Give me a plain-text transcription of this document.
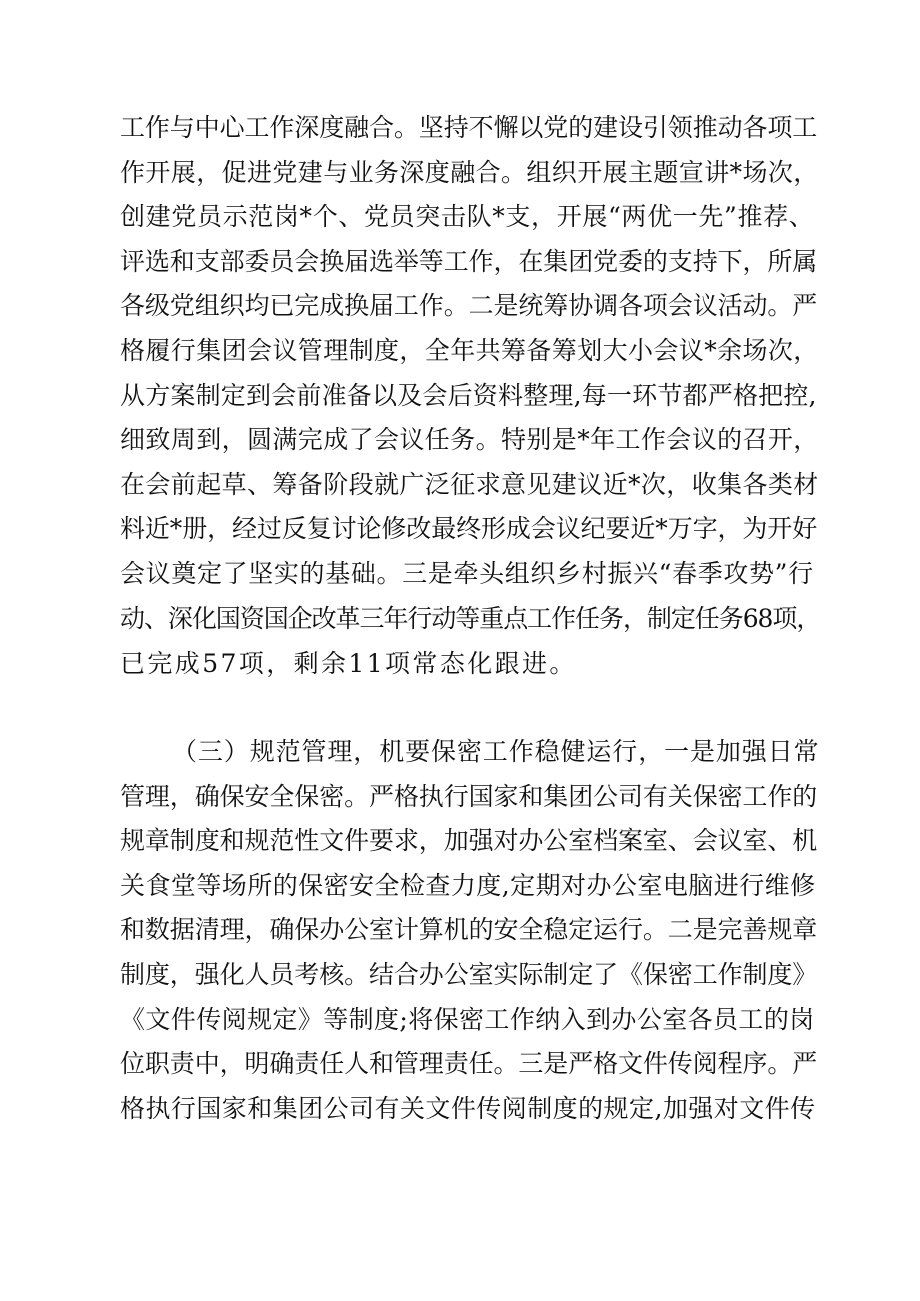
工作与中心工作深度融合。坚持不懈以党的建设引领推动各项工
作开展，促进党建与业务深度融合。组织开展主题宣讲*场次，
创建党员示范岗*个、党员突击队*支，开展“两优一先”推荐、
评选和支部委员会换届选举等工作，在集团党委的支持下，所属
各级党组织均已完成换届工作。二是统筹协调各项会议活动。严
格履行集团会议管理制度，全年共筹备筹划大小会议*余场次，
从方案制定到会前准备以及会后资料整理,每一环节都严格把控,
细致周到，圆满完成了会议任务。特别是*年工作会议的召开，
在会前起草、筹备阶段就广泛征求意见建议近*次，收集各类材
料近*册，经过反复讨论修改最终形成会议纪要近*万字，为开好
会议奠定了坚实的基础。三是牵头组织乡村振兴“春季攻势”行
动、深化国资国企改革三年行动等重点工作任务，制定任务68项，
已完成57项，剩余11项常态化跟进。
（三）规范管理，机要保密工作稳健运行，一是加强日常
管理，确保安全保密。严格执行国家和集团公司有关保密工作的
规章制度和规范性文件要求，加强对办公室档案室、会议室、机
关食堂等场所的保密安全检查力度,定期对办公室电脑进行维修
和数据清理，确保办公室计算机的安全稳定运行。二是完善规章
制度，强化人员考核。结合办公室实际制定了《保密工作制度》
《文件传阅规定》等制度;将保密工作纳入到办公室各员工的岗
位职责中，明确责任人和管理责任。三是严格文件传阅程序。严
格执行国家和集团公司有关文件传阅制度的规定,加强对文件传
